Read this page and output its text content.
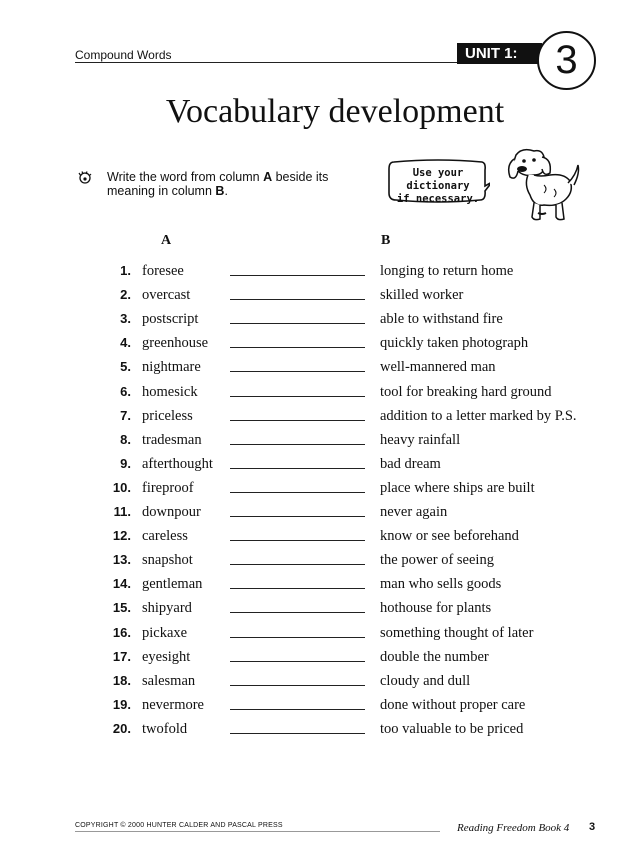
Compound Words	UNIT 1: 3
Vocabulary development
Write the word from column A beside its meaning in column B.
Use your dictionary
if necessary.
A	B
1. foresee	longing to return home
2. overcast	skilled worker
3. postscript	able to withstand fire
4. greenhouse	quickly taken photograph
5. nightmare	well-mannered man
6. homesick	tool for breaking hard ground
7. priceless	addition to a letter marked by P.S.
8. tradesman	heavy rainfall
9. afterthought	bad dream
10. fireproof	place where ships are built
11. downpour	never again
12. careless	know or see beforehand
13. snapshot	the power of seeing
14. gentleman	man who sells goods
15. shipyard	hothouse for plants
16. pickaxe	something thought of later
17. eyesight	double the number
18. salesman	cloudy and dull
19. nevermore	done without proper care
20. twofold	too valuable to be priced
COPYRIGHT © 2000 HUNTER CALDER AND PASCAL PRESS	Reading Freedom Book 4 3
